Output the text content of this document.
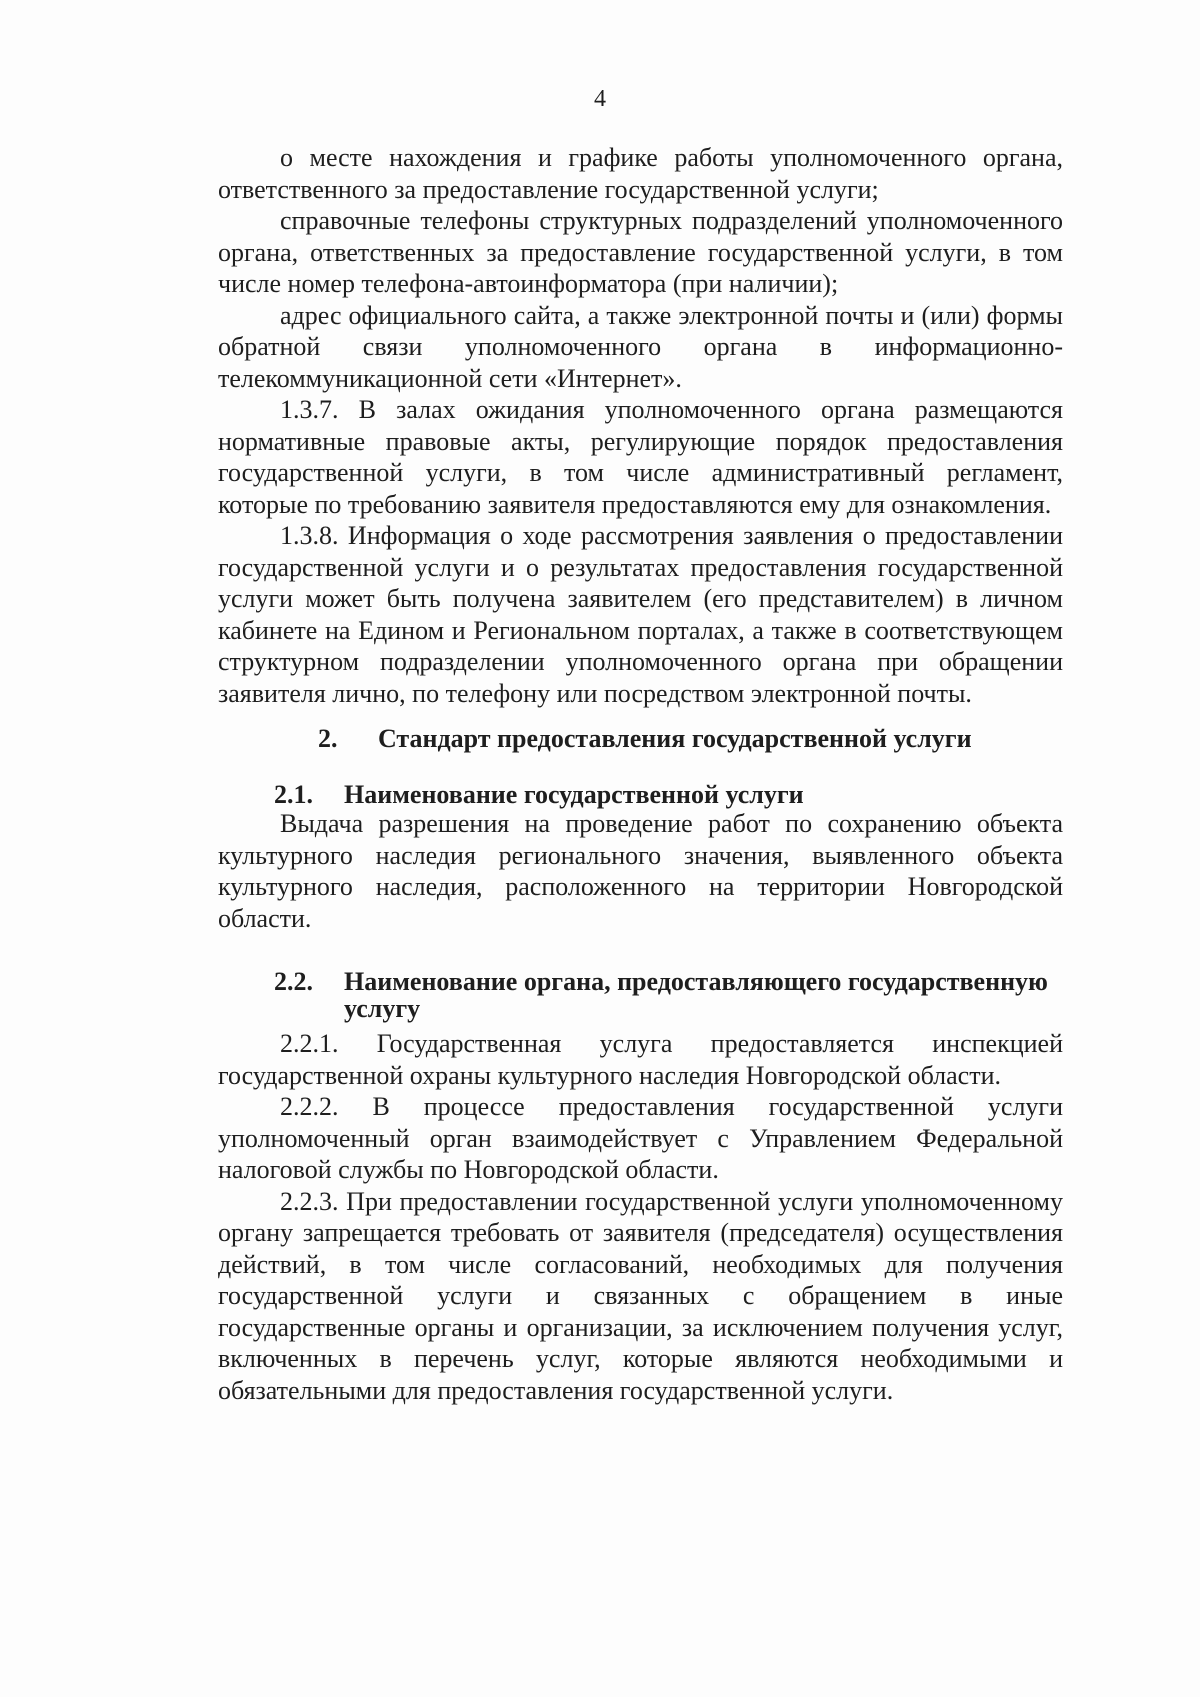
4

о месте нахождения и графике работы уполномоченного органа, ответственного за предоставление государственной услуги;

справочные телефоны структурных подразделений уполномоченного органа, ответственных за предоставление государственной услуги, в том числе номер телефона-автоинформатора (при наличии);

адрес официального сайта, а также электронной почты и (или) формы обратной связи уполномоченного органа в информационно-телекоммуникационной сети «Интернет».

1.3.7. В залах ожидания уполномоченного органа размещаются нормативные правовые акты, регулирующие порядок предоставления государственной услуги, в том числе административный регламент, которые по требованию заявителя предоставляются ему для ознакомления.

1.3.8. Информация о ходе рассмотрения заявления о предоставлении государственной услуги и о результатах предоставления государственной услуги может быть получена заявителем (его представителем) в личном кабинете на Едином и Региональном порталах, а также в соответствующем структурном подразделении уполномоченного органа при обращении заявителя лично, по телефону или посредством электронной почты.

2.	Стандарт предоставления государственной услуги
2.1.	Наименование государственной услуги

Выдача разрешения на проведение работ по сохранению объекта культурного наследия регионального значения, выявленного объекта культурного наследия, расположенного на территории Новгородской области.

2.2.	Наименование органа, предоставляющего государственную услугу

2.2.1. Государственная услуга предоставляется инспекцией государственной охраны культурного наследия Новгородской области.

2.2.2. В процессе предоставления государственной услуги уполномоченный орган взаимодействует с Управлением Федеральной налоговой службы по Новгородской области.

2.2.3. При предоставлении государственной услуги уполномоченному органу запрещается требовать от заявителя (председателя) осуществления действий, в том числе согласований, необходимых для получения государственной услуги и связанных с обращением в иные государственные органы и организации, за исключением получения услуг, включенных в перечень услуг, которые являются необходимыми и обязательными для предоставления государственной услуги.
